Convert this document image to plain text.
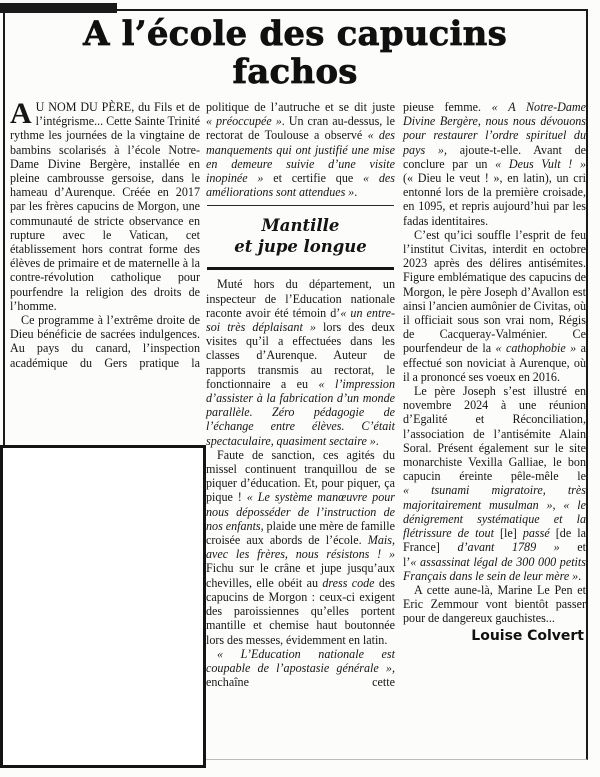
A l’école des capucins
fachos

A U NOM DU PÈRE, du Fils et de l’intégrisme... Cette Sainte Trinité rythme les journées de la vingtaine de bambins scolarisés à l’école Notre-Dame Divine Bergère, installée en pleine cambrousse gersoise, dans le hameau d’Aurenque. Créée en 2017 par les frères capucins de Morgon, une communauté de stricte observance en rupture avec le Vatican, cet établissement hors contrat forme des élèves de primaire et de maternelle à la contre-révolution catholique pour pourfendre la religion des droits de l’homme.

Ce programme à l’extrême droite de Dieu bénéficie de sacrées indulgences. Au pays du canard, l’inspection académique du Gers pratique la

politique de l’autruche et se dit juste « préoccupée ». Un cran au-dessus, le rectorat de Toulouse a observé « des manquements qui ont justifié une mise en demeure suivie d’une visite inopinée » et certifie que « des améliorations sont attendues ».

Mantille
et jupe longue

Muté hors du département, un inspecteur de l’Education nationale raconte avoir été témoin d’« un entre-soi très déplaisant » lors des deux visites qu’il a effectuées dans les classes d’Aurenque. Auteur de rapports transmis au rectorat, le fonctionnaire a eu « l’impression d’assister à la fabrication d’un monde parallèle. Zéro pédagogie de l’échange entre élèves. C’était spectaculaire, quasiment sectaire ».

Faute de sanction, ces agités du missel continuent tranquillou de se piquer d’éducation. Et, pour piquer, ça pique ! « Le système manœuvre pour nous déposséder de l’instruction de nos enfants, plaide une mère de famille croisée aux abords de l’école. Mais, avec les frères, nous résistons ! » Fichu sur le crâne et jupe jusqu’aux chevilles, elle obéit au dress code des capucins de Morgon : ceux-ci exigent des paroissiennes qu’elles portent mantille et chemise haut boutonnée lors des messes, évidemment en latin.

« L’Education nationale est coupable de l’apostasie générale », enchaîne cette

pieuse femme. « A Notre-Dame Divine Bergère, nous nous dévouons pour restaurer l’ordre spirituel du pays », ajoute-t-elle. Avant de conclure par un « Deus Vult ! » (« Dieu le veut ! », en latin), un cri entonné lors de la première croisade, en 1095, et repris aujourd’hui par les fadas identitaires.

C’est qu’ici souffle l’esprit de feu l’institut Civitas, interdit en octobre 2023 après des délires antisémites. Figure emblématique des capucins de Morgon, le père Joseph d’Avallon est ainsi l’ancien aumônier de Civitas, où il officiait sous son vrai nom, Régis de Cacqueray-Valménier. Ce pourfendeur de la « cathophobie » a effectué son noviciat à Aurenque, où il a prononcé ses voeux en 2016.

Le père Joseph s’est illustré en novembre 2024 à une réunion d’Egalité et Réconciliation, l’association de l’antisémite Alain Soral. Présent également sur le site monarchiste Vexilla Galliae, le bon capucin éreinte pêle-mêle le « tsunami migratoire, très majoritairement musulman », « le dénigrement systématique et la flétrissure de tout [le] passé [de la France] d’avant 1789 » et l’« assassinat légal de 300 000 petits Français dans le sein de leur mère ».

A cette aune-là, Marine Le Pen et Eric Zemmour vont bientôt passer pour de dangereux gauchistes...

Louise Colvert
